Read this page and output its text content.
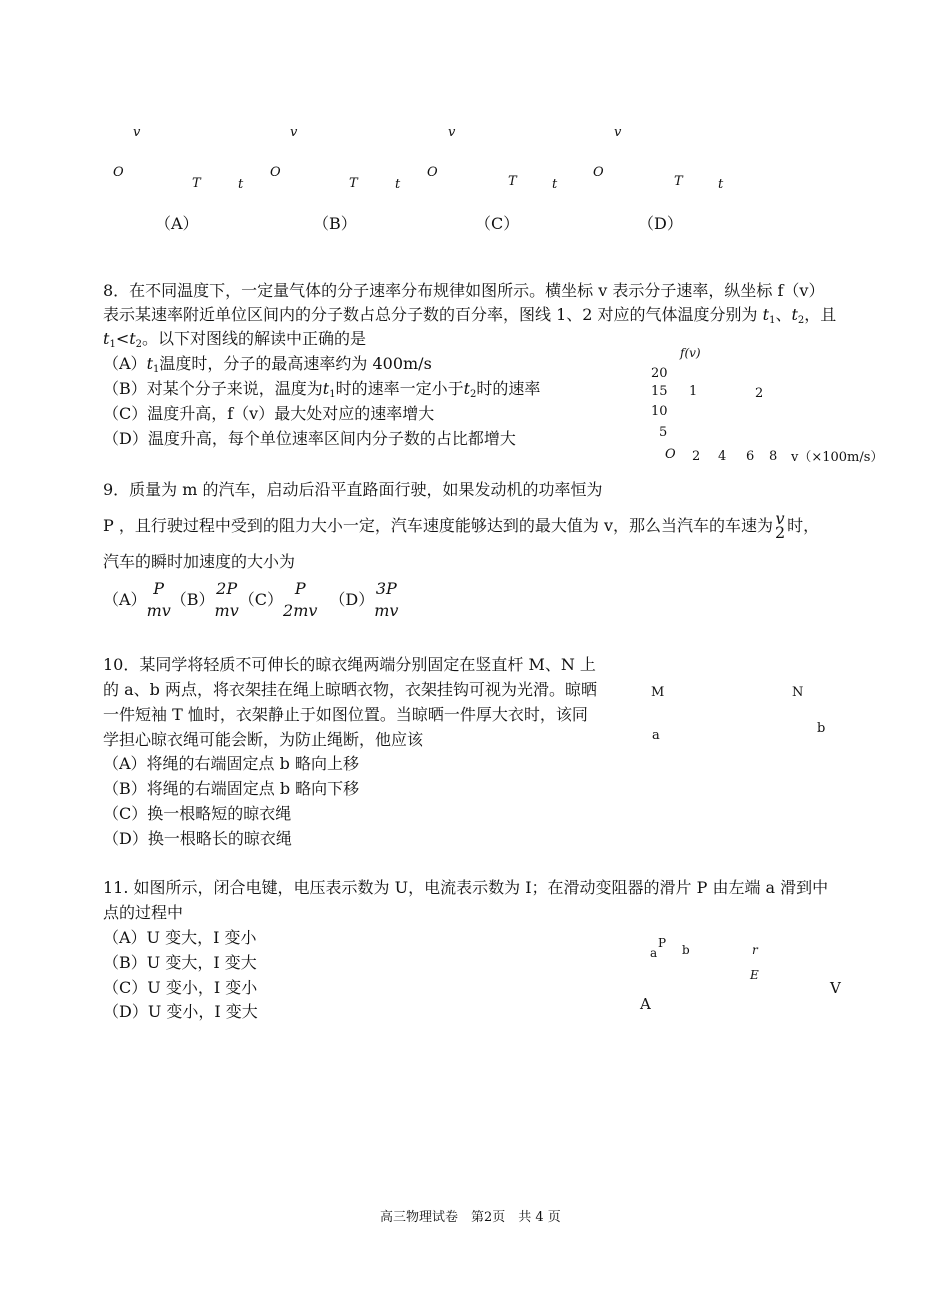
v
O
T	t
（A）
v
O
T	t
（B）
v
O
T	t
（C）
v
O
T	t
（D）
8．在不同温度下，一定量气体的分子速率分布规律如图所示。横坐标 v 表示分子速率，纵坐标 f（v）
表示某速率附近单位区间内的分子数占总分子数的百分率，图线 1、2 对应的气体温度分别为 $t_1$、$t_2$，且
$t_1<t_2$。以下对图线的解读中正确的是
$(A)t_1$温度时，分子的最高速率约为 400m/s
（B）对某个分子来说，温度为$t_1$时的速率一定小于$t_2$时的速率
（C）温度升高，f（v）最大处对应的速率增大
（D）温度升高，每个单位速率区间内分子数的占比都增大
f(v)
20
15
10
5
1	2
O 2 4 6 8 v（×100m/s）
9．质量为 m 的汽车，启动后沿平直路面行驶，如果发动机的功率恒为
P ，且行驶过程中受到的阻力大小一定，汽车速度能够达到的最大值为 v，那么当汽车的车速为 v
2 时，
汽车的瞬时加速度的大小为
（A）
P
mv
（B）
2P
mv
（C）
P
2mv
（D）
3P
mv
10．某同学将轻质不可伸长的晾衣绳两端分别固定在竖直杆 M、N 上
的 a、b 两点，将衣架挂在绳上晾晒衣物，衣架挂钩可视为光滑。晾晒
一件短袖 T 恤时，衣架静止于如图位置。当晾晒一件厚大衣时，该同
学担心晾衣绳可能会断，为防止绳断，他应该
（A）将绳的右端固定点 b 略向上移
（B）将绳的右端固定点 b 略向下移
（C）换一根略短的晾衣绳
（D）换一根略长的晾衣绳
M	N
a	b
11. 如图所示，闭合电键，电压表示数为 U，电流表示数为 I；在滑动变阻器的滑片 P 由左端 a 滑到中
点的过程中
（A）U 变大，I 变小
（B）U 变大，I 变大
（C）U 变小，I 变小
（D）U 变小，I 变大
a
P b	r
E
V
A
高三物理试卷　第2页　共 4 页
